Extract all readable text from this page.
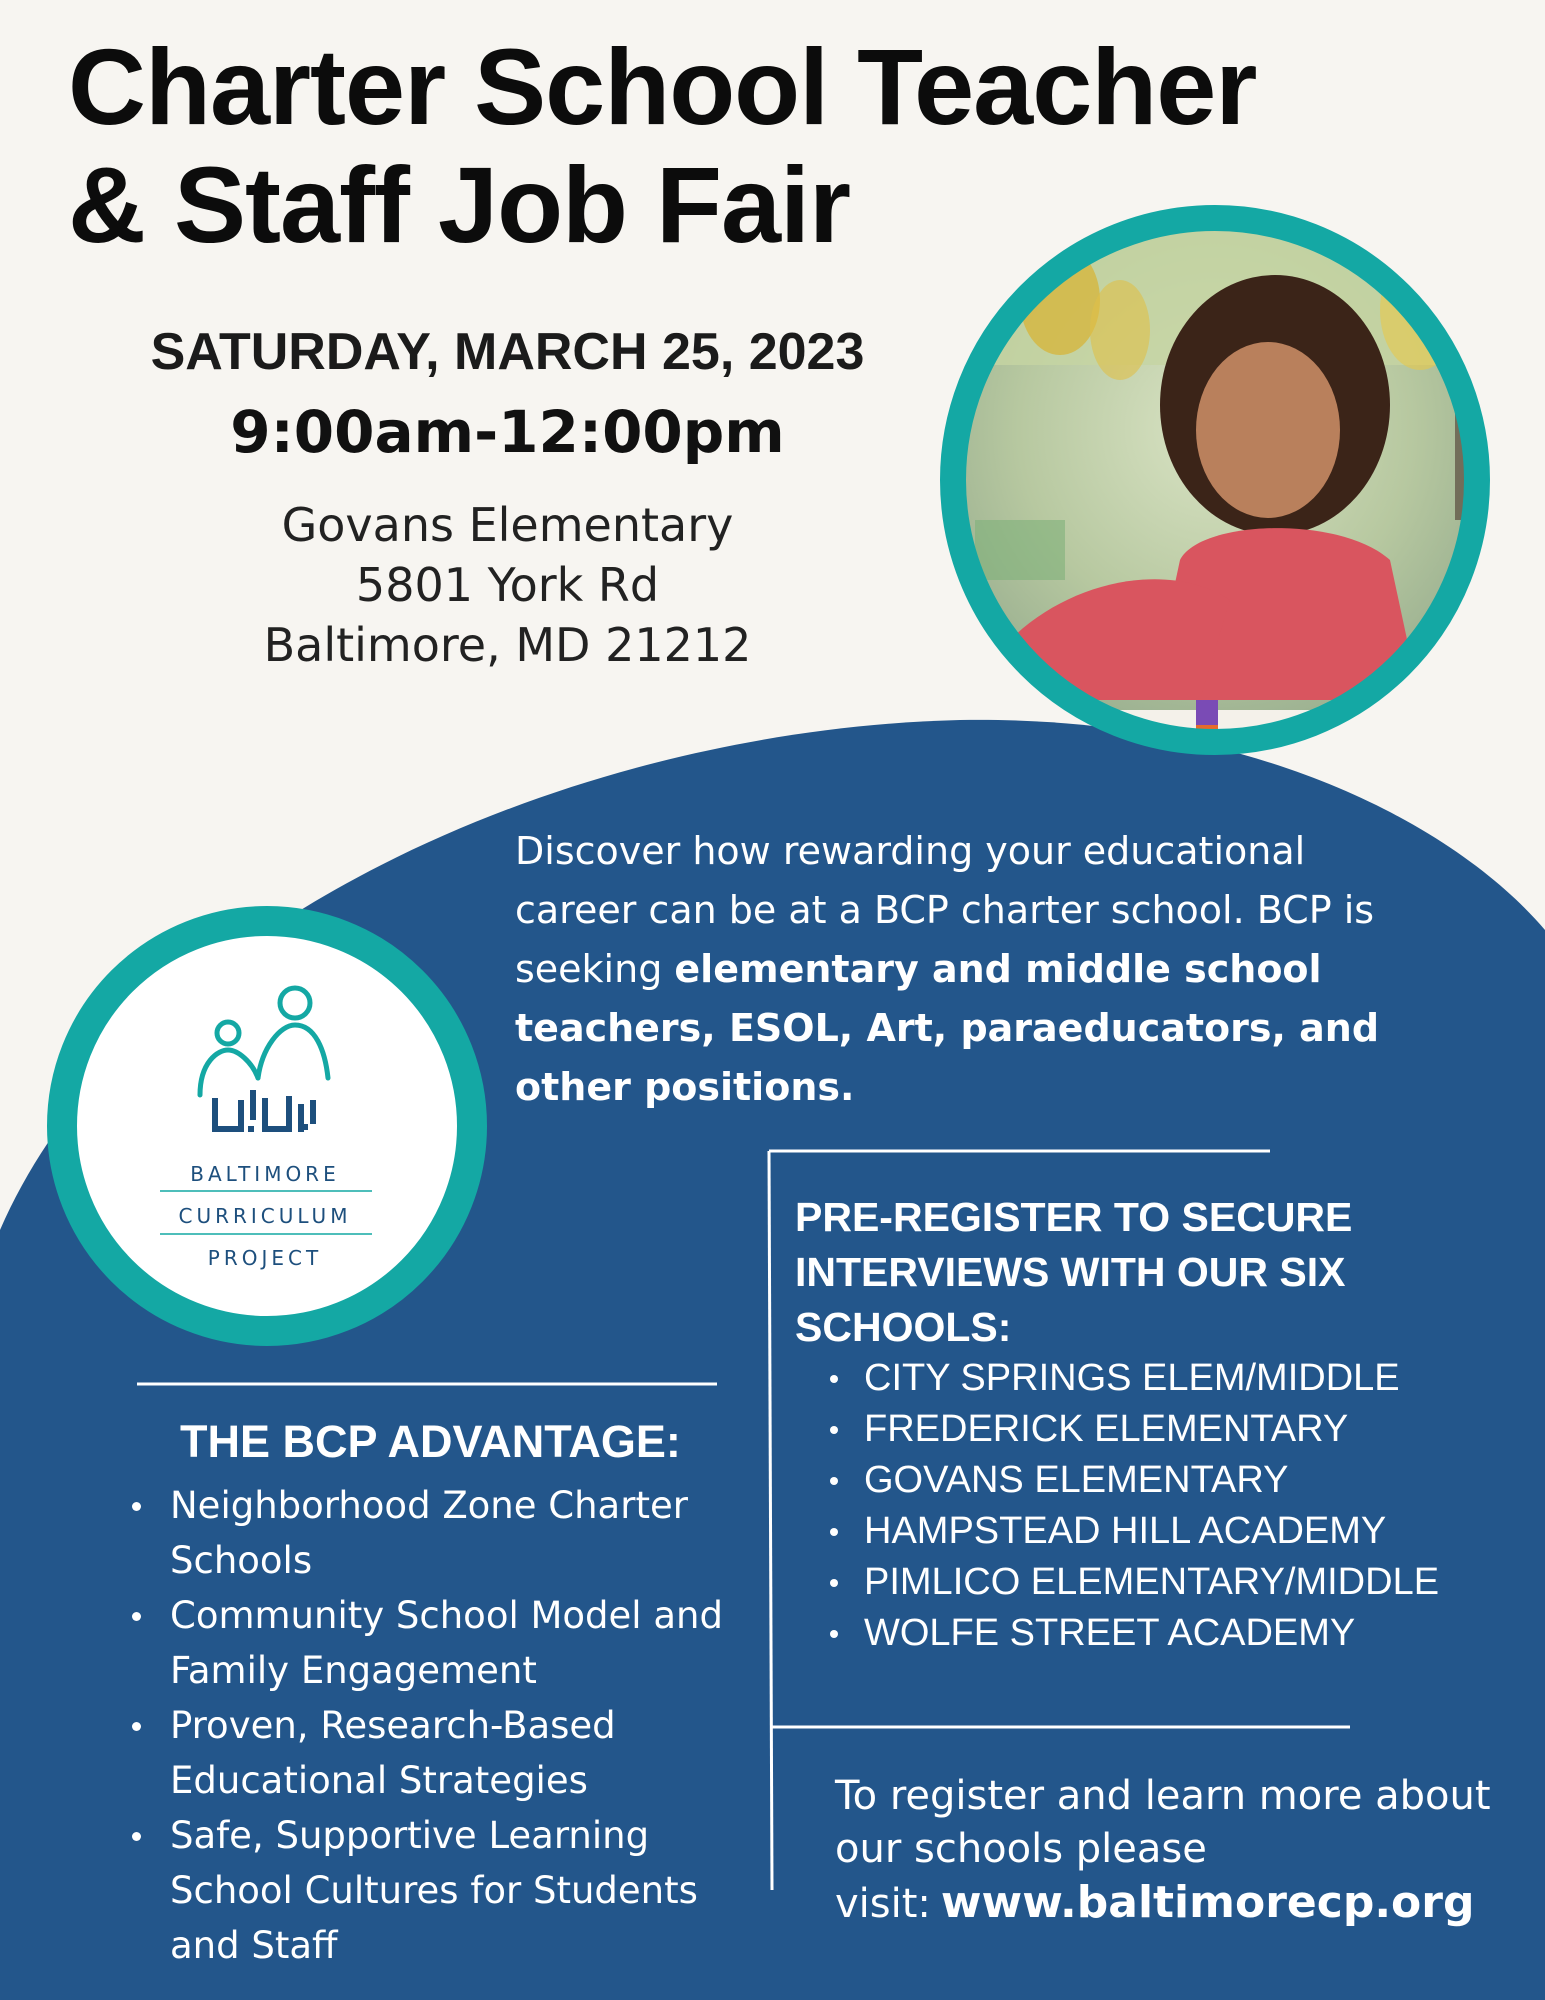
Charter School Teacher
& Staff Job Fair
SATURDAY, MARCH 25, 2023
9:00am-12:00pm
Govans Elementary
5801 York Rd
Baltimore, MD 21212

Discover how rewarding your educational career can be at a BCP charter school. BCP is seeking elementary and middle school teachers, ESOL, Art, paraeducators, and other positions.

BALTIMORE
CURRICULUM
PROJECT
THE BCP ADVANTAGE:
Neighborhood Zone Charter Schools
Community School Model and Family Engagement
Proven, Research-Based Educational Strategies
Safe, Supportive Learning School Cultures for Students and Staff
PRE-REGISTER TO SECURE INTERVIEWS WITH OUR SIX SCHOOLS:
CITY SPRINGS ELEM/MIDDLE
FREDERICK ELEMENTARY
GOVANS ELEMENTARY
HAMPSTEAD HILL ACADEMY
PIMLICO ELEMENTARY/MIDDLE
WOLFE STREET ACADEMY

To register and learn more about our schools please visit: www.baltimorecp.org
